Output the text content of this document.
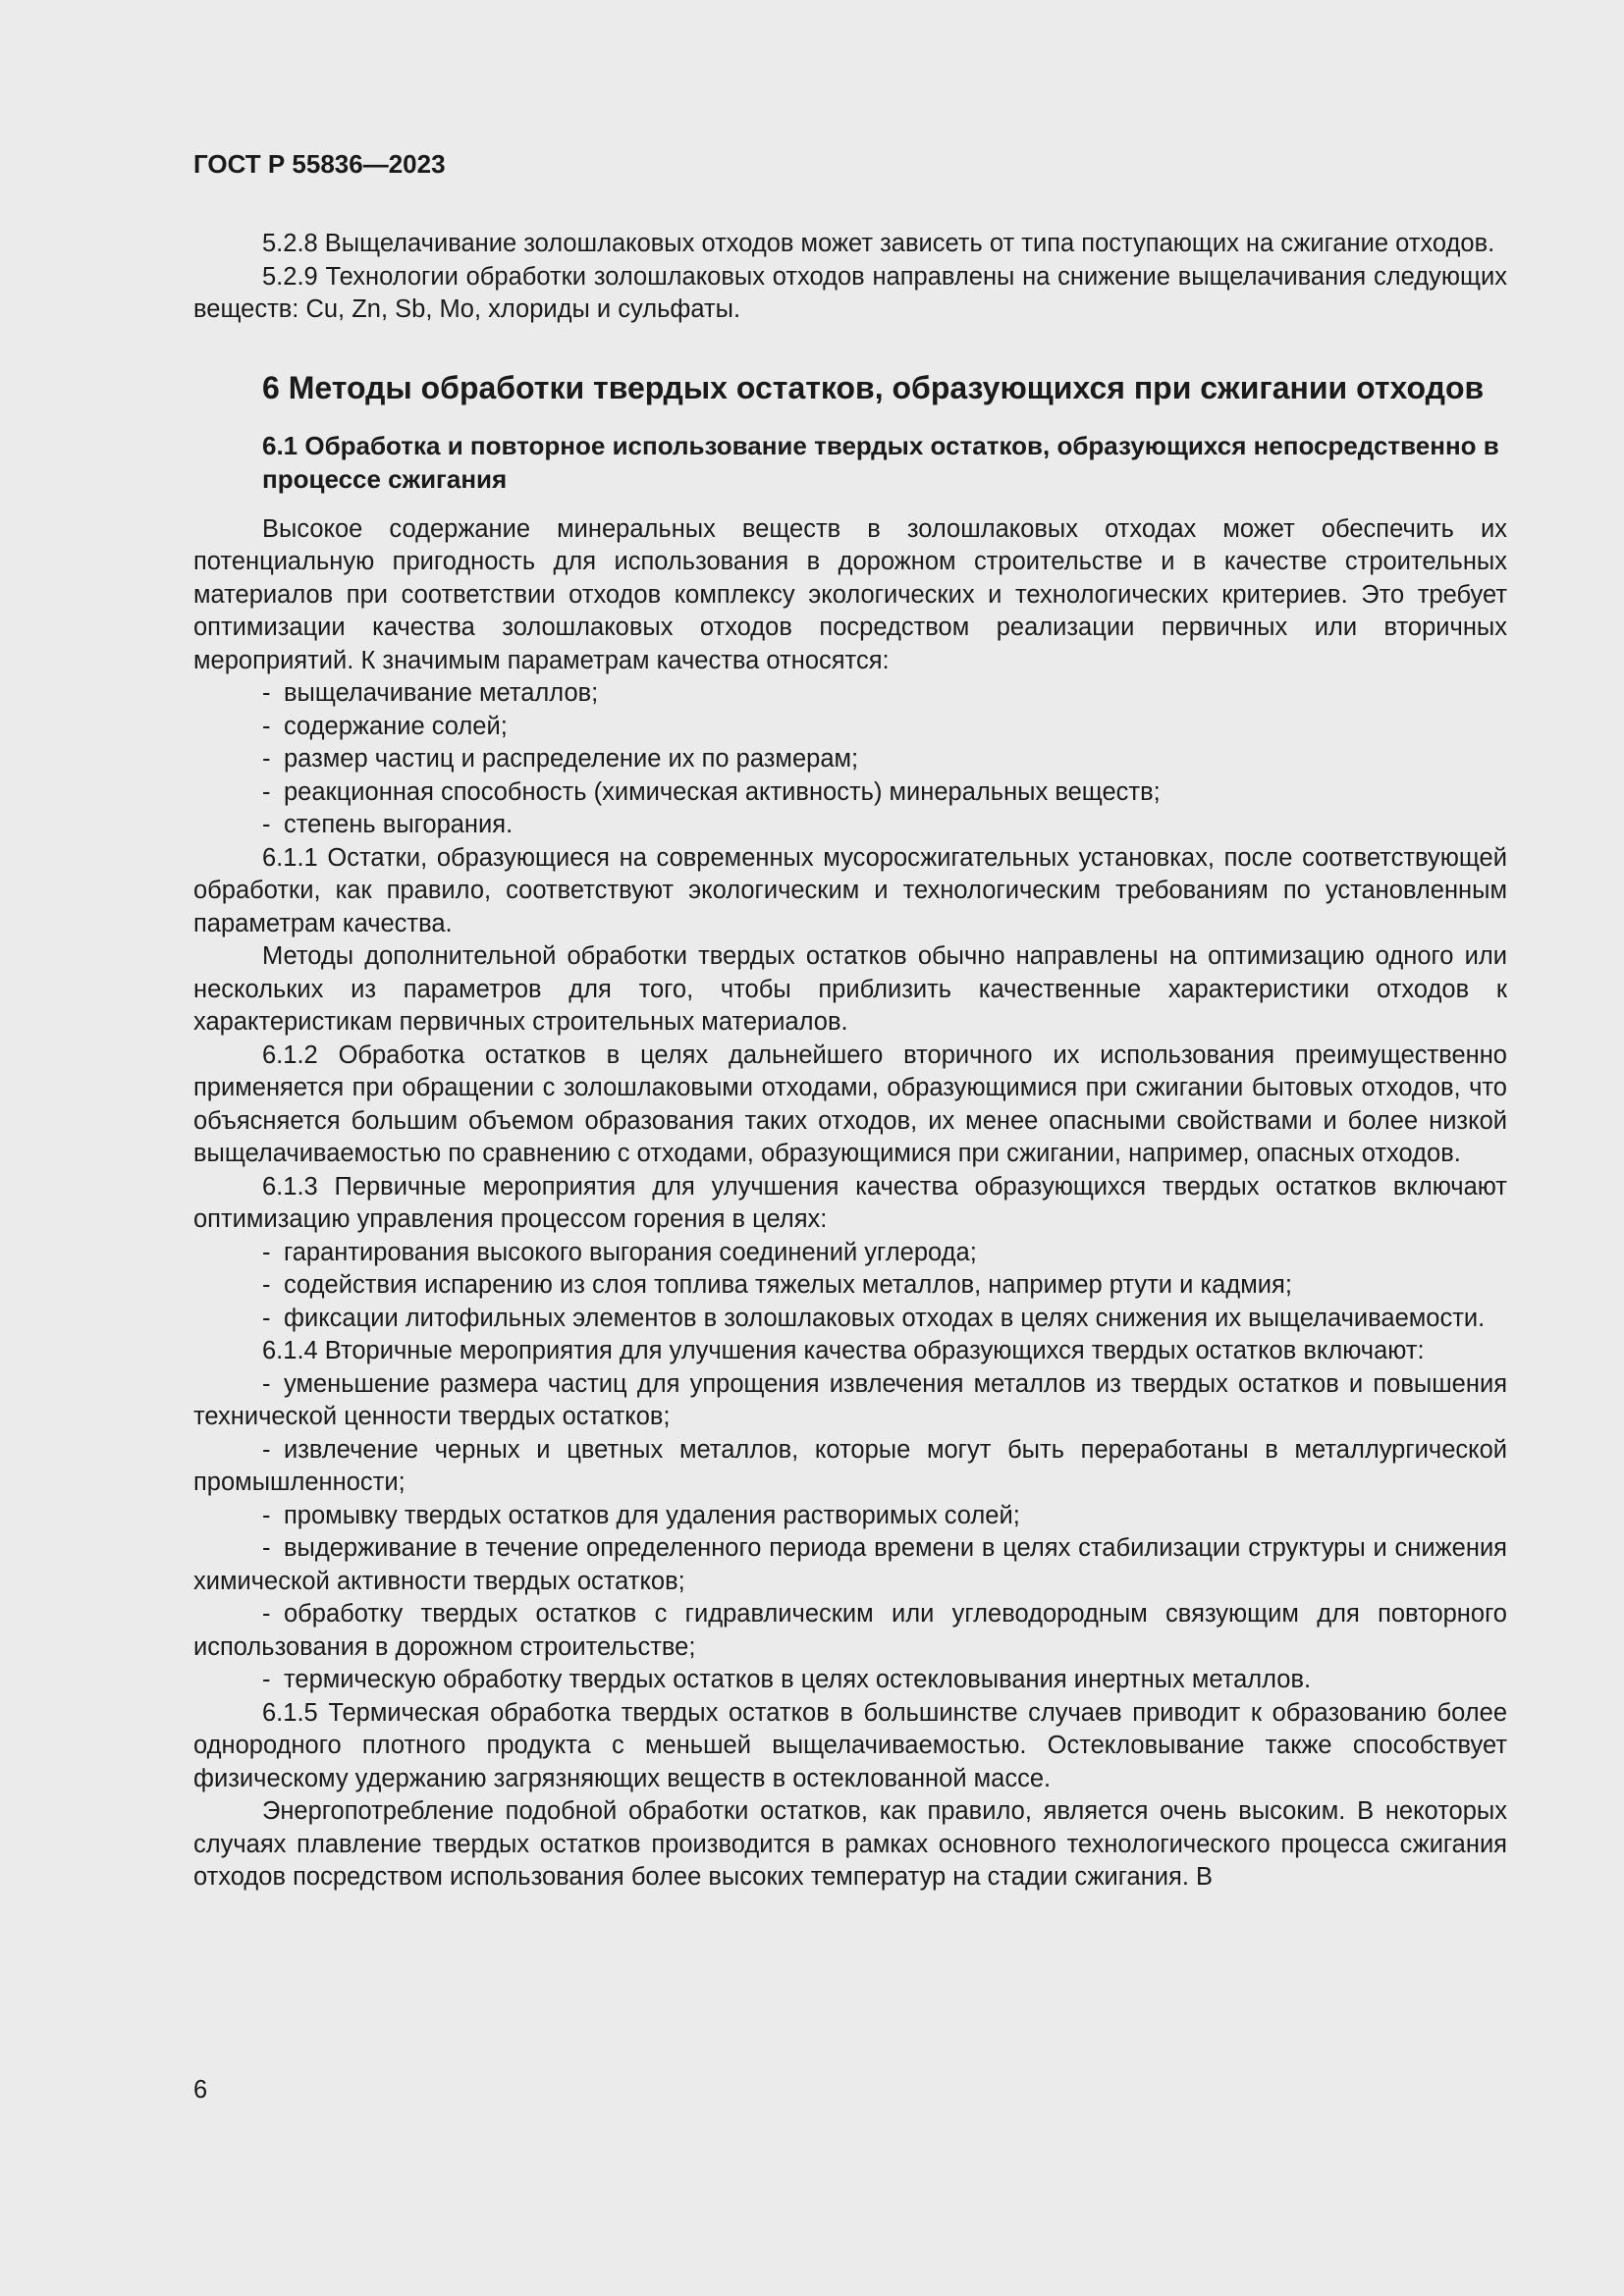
ГОСТ Р 55836—2023

5.2.8 Выщелачивание золошлаковых отходов может зависеть от типа поступающих на сжигание отходов.

5.2.9 Технологии обработки золошлаковых отходов направлены на снижение выщелачивания следующих веществ: Cu, Zn, Sb, Mo, хлориды и сульфаты.

6 Методы обработки твердых остатков, образующихся при сжигании отходов
6.1 Обработка и повторное использование твердых остатков, образующихся непосредственно в процессе сжигания

Высокое содержание минеральных веществ в золошлаковых отходах может обеспечить их потенциальную пригодность для использования в дорожном строительстве и в качестве строительных материалов при соответствии отходов комплексу экологических и технологических критериев. Это требует оптимизации качества золошлаковых отходов посредством реализации первичных или вторичных мероприятий. К значимым параметрам качества относятся:

- выщелачивание металлов;

- содержание солей;

- размер частиц и распределение их по размерам;

- реакционная способность (химическая активность) минеральных веществ;

- степень выгорания.

6.1.1 Остатки, образующиеся на современных мусоросжигательных установках, после соответствующей обработки, как правило, соответствуют экологическим и технологическим требованиям по установленным параметрам качества.

Методы дополнительной обработки твердых остатков обычно направлены на оптимизацию одного или нескольких из параметров для того, чтобы приблизить качественные характеристики отходов к характеристикам первичных строительных материалов.

6.1.2 Обработка остатков в целях дальнейшего вторичного их использования преимущественно применяется при обращении с золошлаковыми отходами, образующимися при сжигании бытовых отходов, что объясняется большим объемом образования таких отходов, их менее опасными свойствами и более низкой выщелачиваемостью по сравнению с отходами, образующимися при сжигании, например, опасных отходов.

6.1.3 Первичные мероприятия для улучшения качества образующихся твердых остатков включают оптимизацию управления процессом горения в целях:

- гарантирования высокого выгорания соединений углерода;

- содействия испарению из слоя топлива тяжелых металлов, например ртути и кадмия;

- фиксации литофильных элементов в золошлаковых отходах в целях снижения их выщелачиваемости.

6.1.4 Вторичные мероприятия для улучшения качества образующихся твердых остатков включают:

- уменьшение размера частиц для упрощения извлечения металлов из твердых остатков и повышения технической ценности твердых остатков;

- извлечение черных и цветных металлов, которые могут быть переработаны в металлургической промышленности;

- промывку твердых остатков для удаления растворимых солей;

- выдерживание в течение определенного периода времени в целях стабилизации структуры и снижения химической активности твердых остатков;

- обработку твердых остатков с гидравлическим или углеводородным связующим для повторного использования в дорожном строительстве;

- термическую обработку твердых остатков в целях остекловывания инертных металлов.

6.1.5 Термическая обработка твердых остатков в большинстве случаев приводит к образованию более однородного плотного продукта с меньшей выщелачиваемостью. Остекловывание также способствует физическому удержанию загрязняющих веществ в остеклованной массе.

Энергопотребление подобной обработки остатков, как правило, является очень высоким. В некоторых случаях плавление твердых остатков производится в рамках основного технологического процесса сжигания отходов посредством использования более высоких температур на стадии сжигания. В

6
